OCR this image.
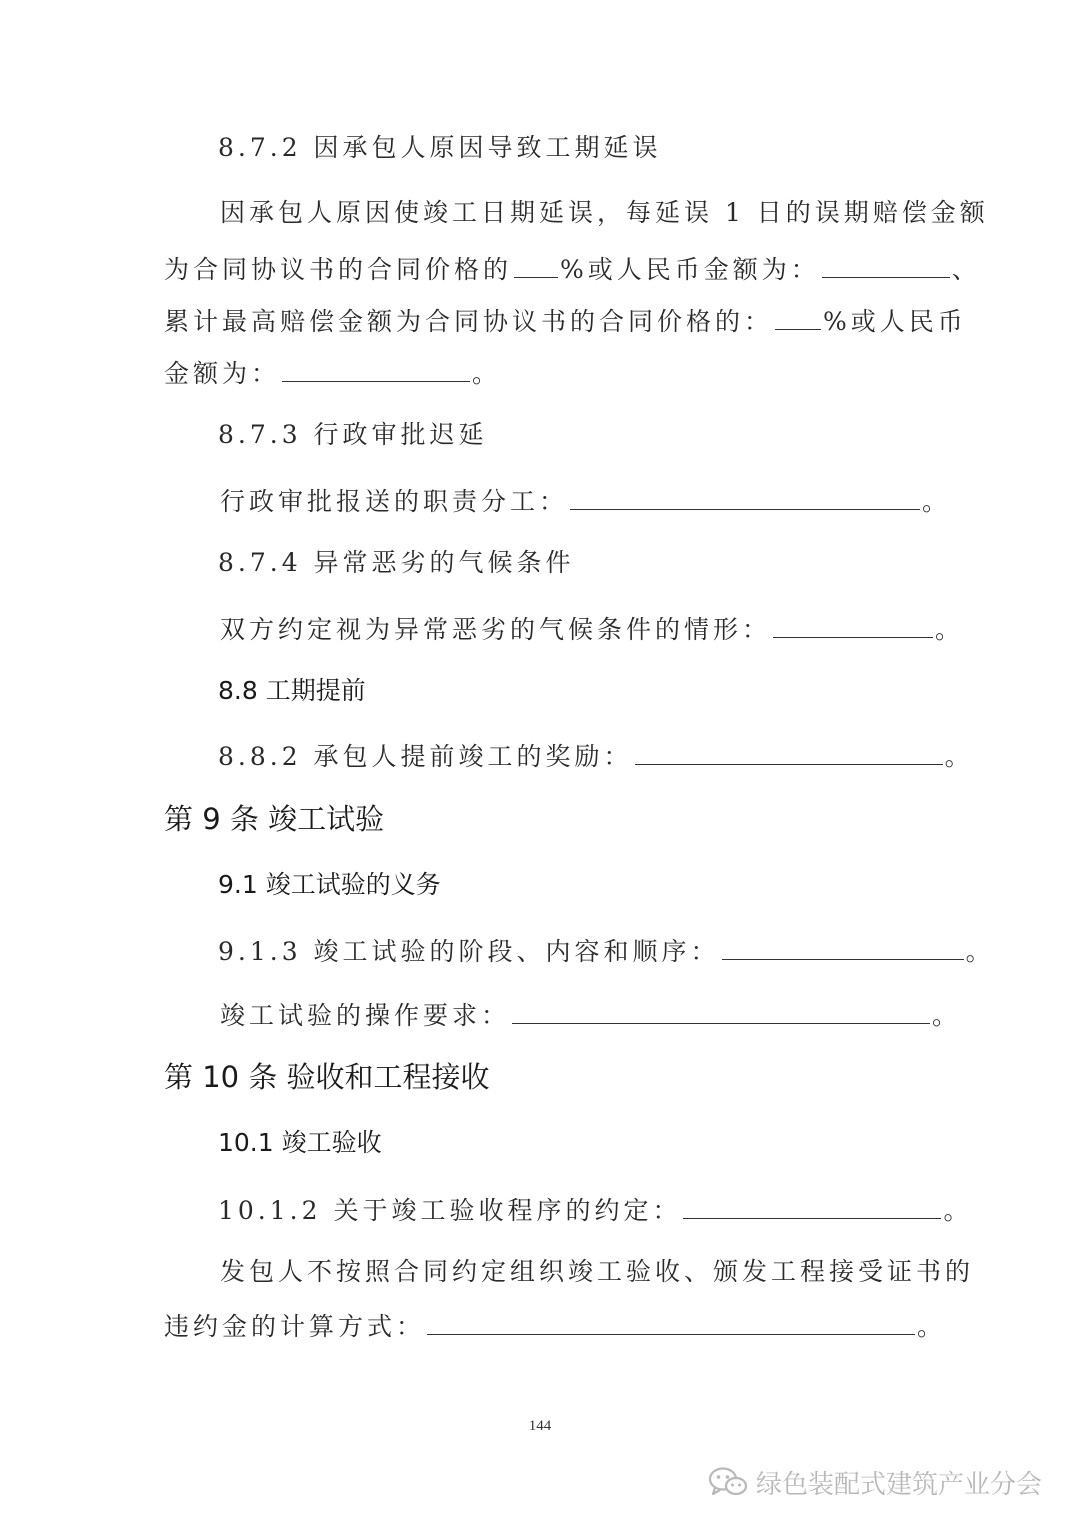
8.7.2 因承包人原因导致工期延误
因承包人原因使竣工日期延误，每延误 1 日的误期赔偿金额
为合同协议书的合同价格的 %或人民币金额为：	、
累计最高赔偿金额为合同协议书的合同价格的： %或人民币
金额为：	。
8.7.3 行政审批迟延
行政审批报送的职责分工：	。
8.7.4 异常恶劣的气候条件
双方约定视为异常恶劣的气候条件的情形：	。
8.8 工期提前
8.8.2 承包人提前竣工的奖励：	。
第 9 条 竣工试验
9.1 竣工试验的义务
9.1.3 竣工试验的阶段、内容和顺序：	。
竣工试验的操作要求：	。
第 10 条 验收和工程接收
10.1 竣工验收
10.1.2 关于竣工验收程序的约定：	。
发包人不按照合同约定组织竣工验收、颁发工程接受证书的
违约金的计算方式：	。
144
绿色装配式建筑产业分会
